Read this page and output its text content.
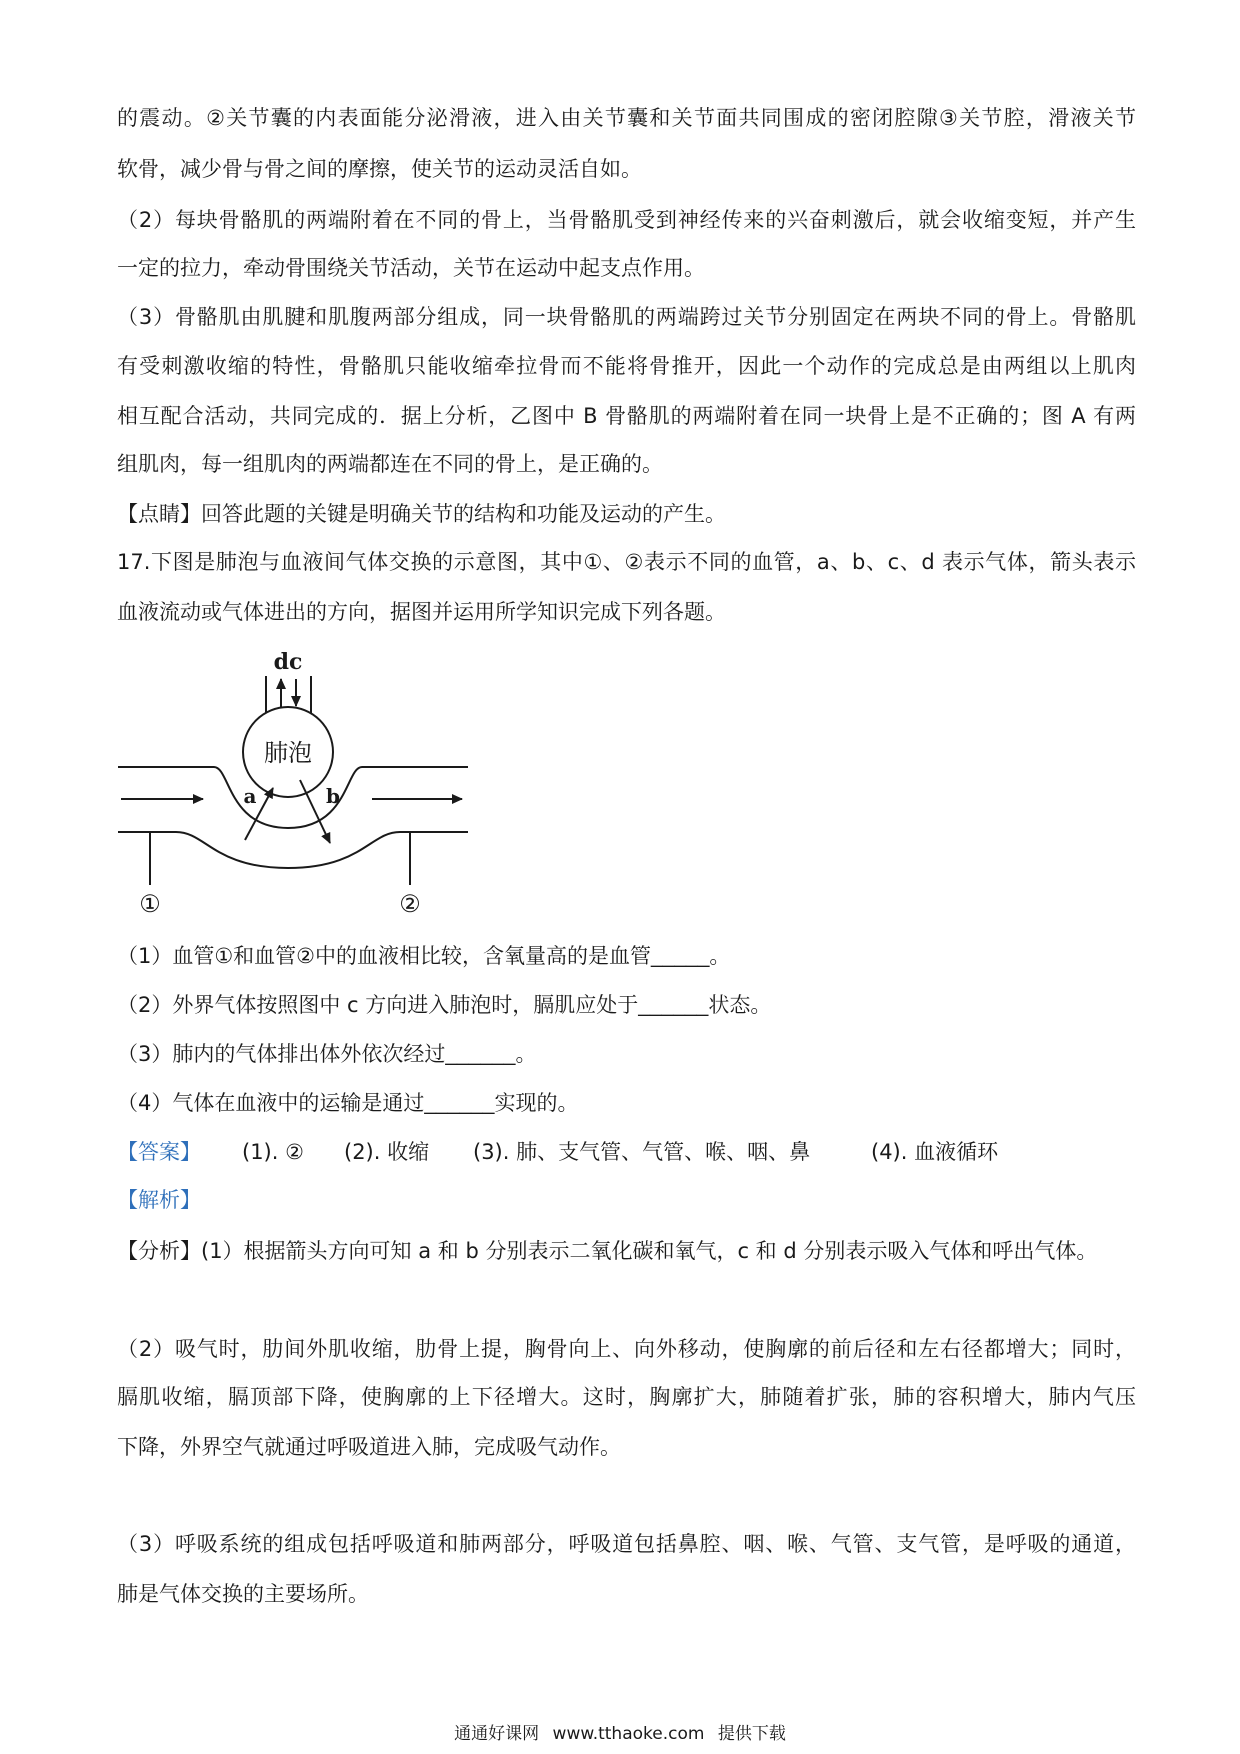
的震动。②关节囊的内表面能分泌滑液，进入由关节囊和关节面共同围成的密闭腔隙③关节腔，滑液关节
软骨，减少骨与骨之间的摩擦，使关节的运动灵活自如。
（2）每块骨骼肌的两端附着在不同的骨上，当骨骼肌受到神经传来的兴奋刺激后，就会收缩变短，并产生
一定的拉力，牵动骨围绕关节活动，关节在运动中起支点作用。
（3）骨骼肌由肌腱和肌腹两部分组成，同一块骨骼肌的两端跨过关节分别固定在两块不同的骨上。骨骼肌
有受刺激收缩的特性，骨骼肌只能收缩牵拉骨而不能将骨推开，因此一个动作的完成总是由两组以上肌肉
相互配合活动，共同完成的．据上分析，乙图中 B 骨骼肌的两端附着在同一块骨上是不正确的；图 A 有两
组肌肉，每一组肌肉的两端都连在不同的骨上，是正确的。
【点睛】回答此题的关键是明确关节的结构和功能及运动的产生。
17.下图是肺泡与血液间气体交换的示意图，其中①、②表示不同的血管，a、b、c、d 表示气体，箭头表示
血液流动或气体进出的方向，据图并运用所学知识完成下列各题。
dc
肺泡
a	b
①	②
（1）血管①和血管②中的血液相比较，含氧量高的是血管_____。
（2）外界气体按照图中 c 方向进入肺泡时，膈肌应处于______状态。
（3）肺内的气体排出体外依次经过______。
（4）气体在血液中的运输是通过______实现的。
【答案】 (1). ② (2). 收缩 (3). 肺、支气管、气管、喉、咽、鼻	(4). 血液循环
【解析】
【分析】(1）根据箭头方向可知 a 和 b 分别表示二氧化碳和氧气，c 和 d 分别表示吸入气体和呼出气体。
（2）吸气时，肋间外肌收缩，肋骨上提，胸骨向上、向外移动，使胸廓的前后径和左右径都增大；同时，
膈肌收缩，膈顶部下降，使胸廓的上下径增大。这时，胸廓扩大，肺随着扩张，肺的容积增大，肺内气压
下降，外界空气就通过呼吸道进入肺，完成吸气动作。
（3）呼吸系统的组成包括呼吸道和肺两部分，呼吸道包括鼻腔、咽、喉、气管、支气管，是呼吸的通道，
肺是气体交换的主要场所。
通通好课网 www.tthaoke.com 提供下载
